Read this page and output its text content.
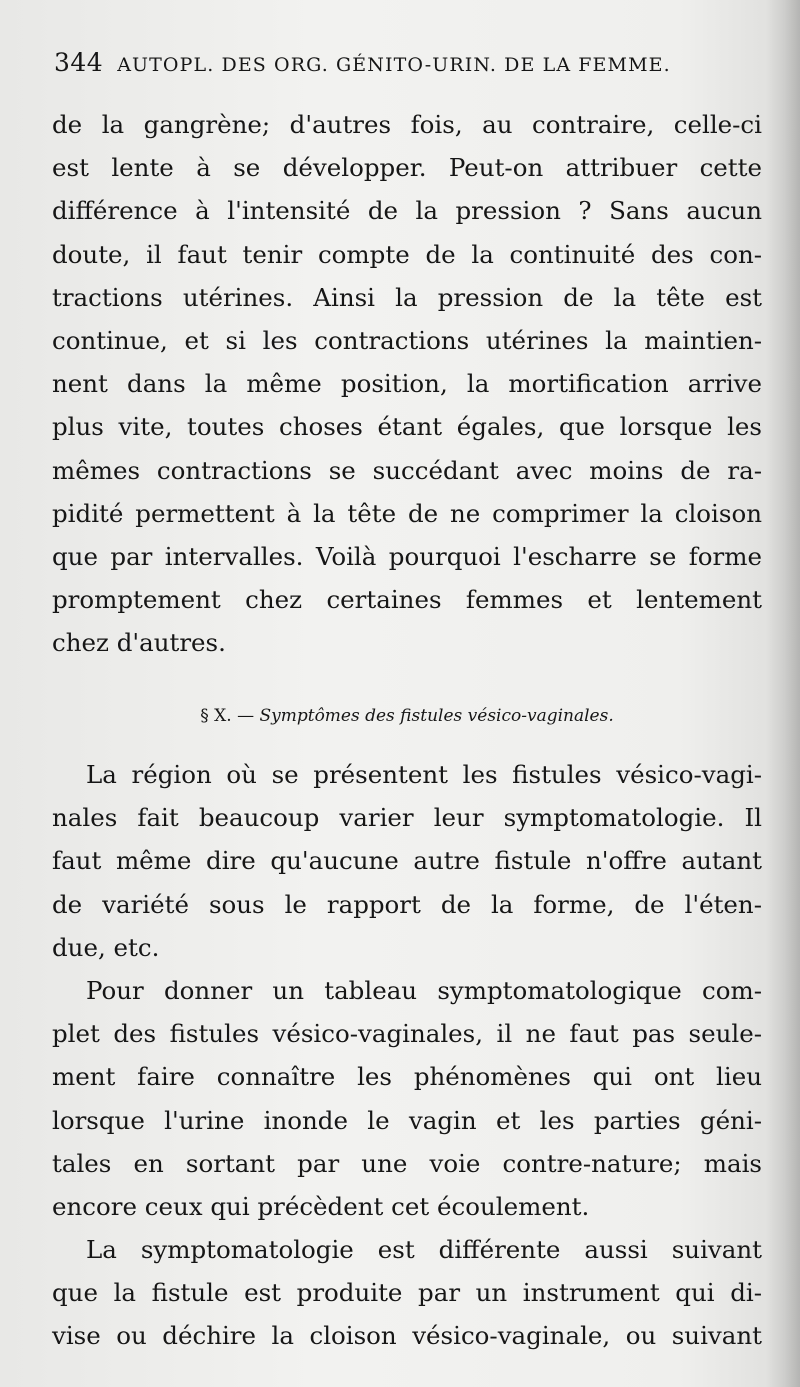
344 AUTOPL. DES ORG. GÉNITO-URIN. DE LA FEMME.
de la gangrène; d'autres fois, au contraire, celle-ci
est lente à se développer. Peut-on attribuer cette
différence à l'intensité de la pression ? Sans aucun
doute, il faut tenir compte de la continuité des con-
tractions utérines. Ainsi la pression de la tête est
continue, et si les contractions utérines la maintien-
nent dans la même position, la mortification arrive
plus vite, toutes choses étant égales, que lorsque les
mêmes contractions se succédant avec moins de ra-
pidité permettent à la tête de ne comprimer la cloison
que par intervalles. Voilà pourquoi l'escharre se forme
promptement chez certaines femmes et lentement
chez d'autres.
§ X. — Symptômes des fistules vésico-vaginales.
La région où se présentent les fistules vésico-vagi-
nales fait beaucoup varier leur symptomatologie. Il
faut même dire qu'aucune autre fistule n'offre autant
de variété sous le rapport de la forme, de l'éten-
due, etc.
Pour donner un tableau symptomatologique com-
plet des fistules vésico-vaginales, il ne faut pas seule-
ment faire connaître les phénomènes qui ont lieu
lorsque l'urine inonde le vagin et les parties géni-
tales en sortant par une voie contre-nature; mais
encore ceux qui précèdent cet écoulement.
La symptomatologie est différente aussi suivant
que la fistule est produite par un instrument qui di-
vise ou déchire la cloison vésico-vaginale, ou suivant
